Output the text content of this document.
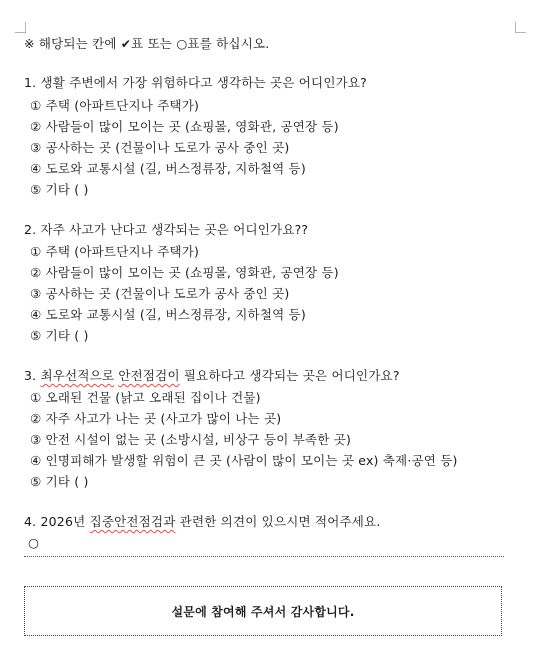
※ 해당되는 칸에 ✔표 또는 ○표를 하십시오.
1. 생활 주변에서 가장 위험하다고 생각하는 곳은 어디인가요?
① 주택 (아파트단지나 주택가)
② 사람들이 많이 모이는 곳 (쇼핑몰, 영화관, 공연장 등)
③ 공사하는 곳 (건물이나 도로가 공사 중인 곳)
④ 도로와 교통시설 (길, 버스정류장, 지하철역 등)
⑤ 기타 ( )
2. 자주 사고가 난다고 생각되는 곳은 어디인가요??
① 주택 (아파트단지나 주택가)
② 사람들이 많이 모이는 곳 (쇼핑몰, 영화관, 공연장 등)
③ 공사하는 곳 (건물이나 도로가 공사 중인 곳)
④ 도로와 교통시설 (길, 버스정류장, 지하철역 등)
⑤ 기타 ( )
3. 최우선적으로 안전점검이 필요하다고 생각되는 곳은 어디인가요?
① 오래된 건물 (낡고 오래된 집이나 건물)
② 자주 사고가 나는 곳 (사고가 많이 나는 곳)
③ 안전 시설이 없는 곳 (소방시설, 비상구 등이 부족한 곳)
④ 인명피해가 발생할 위험이 큰 곳 (사람이 많이 모이는 곳 ex) 축제·공연 등)
⑤ 기타 ( )
4. 2026년 집중안전점검과 관련한 의견이 있으시면 적어주세요.
○
설문에 참여해 주셔서 감사합니다.
